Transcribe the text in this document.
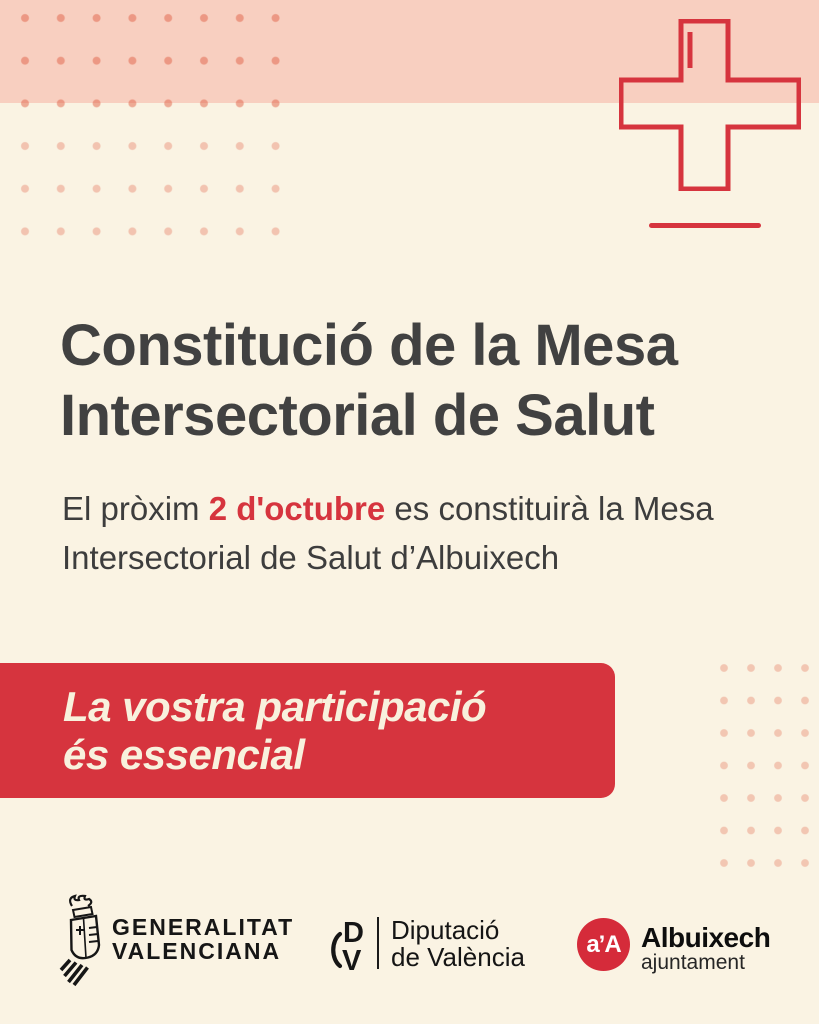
Constitució de la Mesa
Intersectorial de Salut

El pròxim 2 d'octubre es constituirà la Mesa Intersectorial de Salut d’Albuixech

La vostra participació
és essencial
GENERALITAT
VALENCIANA
D
V
Diputació
de València	a’A Albuixech
ajuntament
